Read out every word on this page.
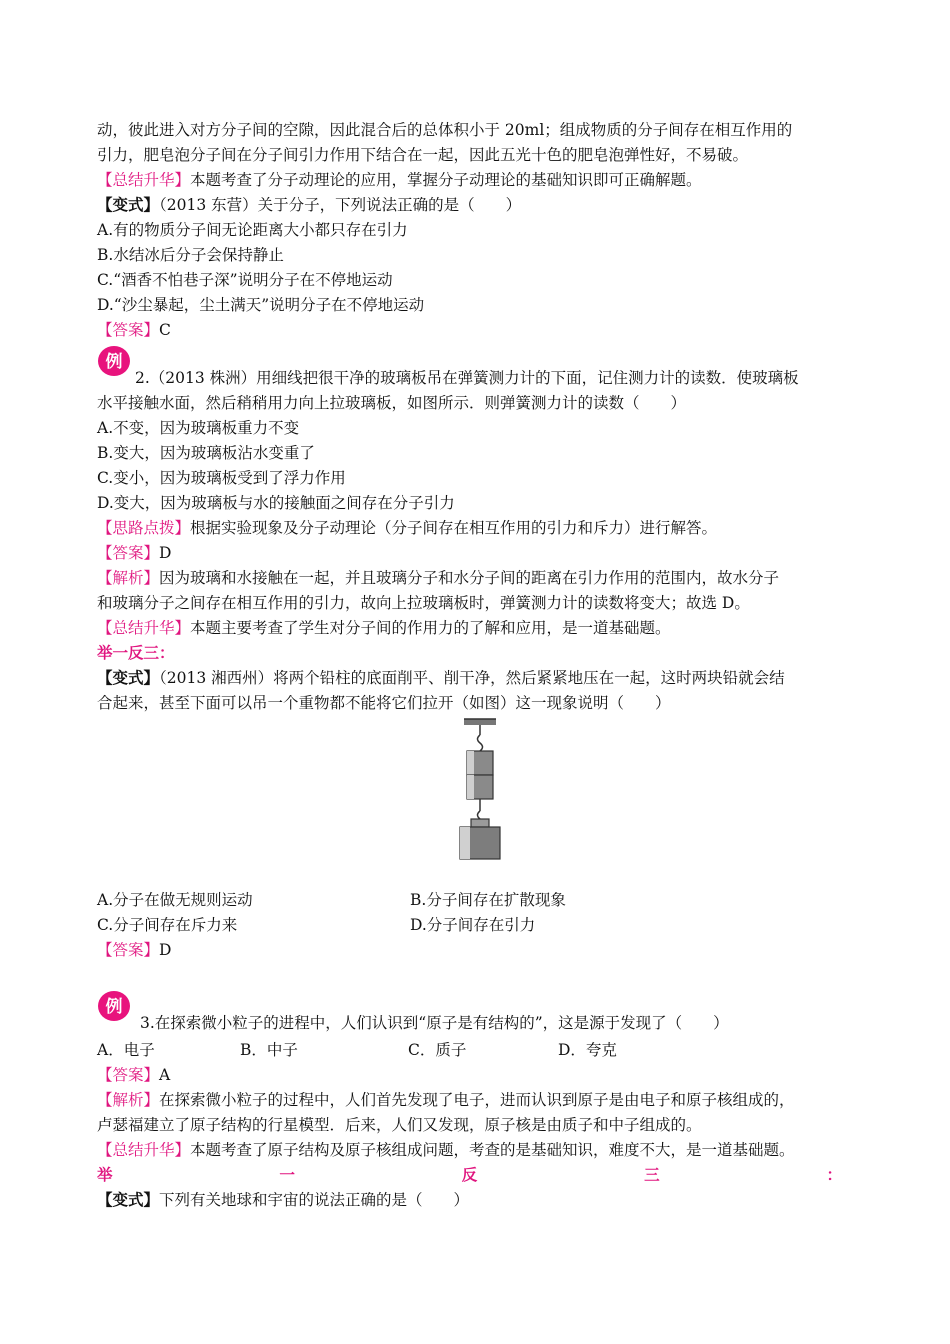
动，彼此进入对方分子间的空隙，因此混合后的总体积小于 20ml；组成物质的分子间存在相互作用的
引力，肥皂泡分子间在分子间引力作用下结合在一起，因此五光十色的肥皂泡弹性好，不易破。
【总结升华】本题考查了分子动理论的应用，掌握分子动理论的基础知识即可正确解题。
【变式】（2013 东营）关于分子，下列说法正确的是（　　）
A.有的物质分子间无论距离大小都只存在引力
B.水结冰后分子会保持静止
C.“酒香不怕巷子深”说明分子在不停地运动
D.“沙尘暴起，尘土满天”说明分子在不停地运动
【答案】C
例
2.（2013 株洲）用细线把很干净的玻璃板吊在弹簧测力计的下面，记住测力计的读数．使玻璃板
水平接触水面，然后稍稍用力向上拉玻璃板，如图所示．则弹簧测力计的读数（　　）
A.不变，因为玻璃板重力不变
B.变大，因为玻璃板沾水变重了
C.变小，因为玻璃板受到了浮力作用
D.变大，因为玻璃板与水的接触面之间存在分子引力
【思路点拨】根据实验现象及分子动理论（分子间存在相互作用的引力和斥力）进行解答。
【答案】D
【解析】因为玻璃和水接触在一起，并且玻璃分子和水分子间的距离在引力作用的范围内，故水分子
和玻璃分子之间存在相互作用的引力，故向上拉玻璃板时，弹簧测力计的读数将变大；故选 D。
【总结升华】本题主要考查了学生对分子间的作用力的了解和应用，是一道基础题。
举一反三：
【变式】（2013 湘西州）将两个铅柱的底面削平、削干净，然后紧紧地压在一起，这时两块铅就会结
合起来，甚至下面可以吊一个重物都不能将它们拉开（如图）这一现象说明（　　）
A.分子在做无规则运动	B.分子间存在扩散现象
C.分子间存在斥力来	D.分子间存在引力
【答案】D
例
3.在探索微小粒子的进程中，人们认识到“原子是有结构的”，这是源于发现了（　　）
A．电子	B．中子	C．质子	D．夸克
【答案】A
【解析】在探索微小粒子的过程中，人们首先发现了电子，进而认识到原子是由电子和原子核组成的，
卢瑟福建立了原子结构的行星模型．后来，人们又发现，原子核是由质子和中子组成的。
【总结升华】本题考查了原子结构及原子核组成问题，考查的是基础知识，难度不大，是一道基础题。
举	一	反	三	：
【变式】下列有关地球和宇宙的说法正确的是（　　）
